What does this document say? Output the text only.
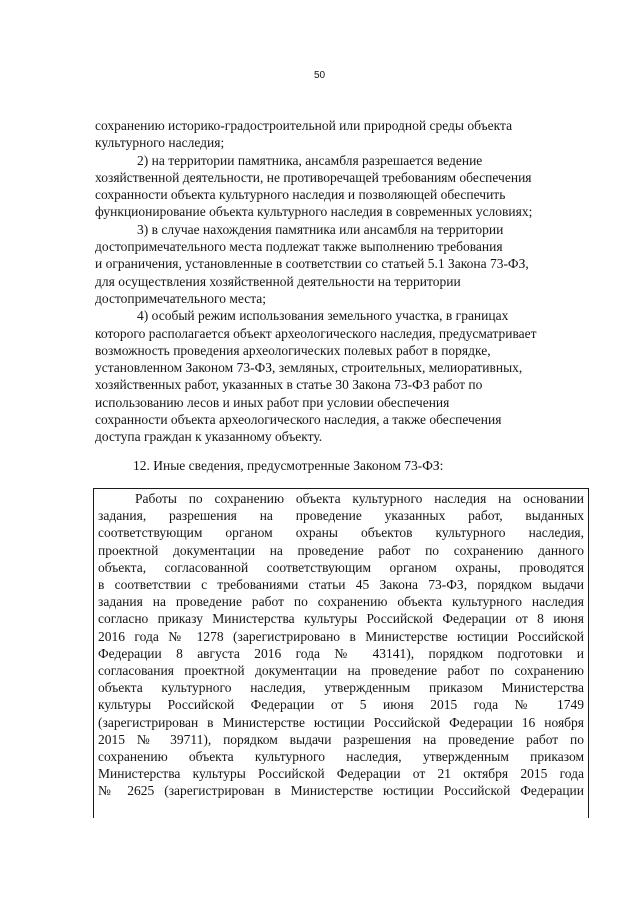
50

сохранению историко-градостроительной или природной среды объекта
культурного наследия;

2) на территории памятника, ансамбля разрешается ведение
хозяйственной деятельности, не противоречащей требованиям обеспечения
сохранности объекта культурного наследия и позволяющей обеспечить
функционирование объекта культурного наследия в современных условиях;

3) в случае нахождения памятника или ансамбля на территории
достопримечательного места подлежат также выполнению требования
и ограничения, установленные в соответствии со статьей 5.1 Закона 73-ФЗ,
для осуществления хозяйственной деятельности на территории
достопримечательного места;

4) особый режим использования земельного участка, в границах
которого располагается объект археологического наследия, предусматривает
возможность проведения археологических полевых работ в порядке,
установленном Законом 73-ФЗ, земляных, строительных, мелиоративных,
хозяйственных работ, указанных в статье 30 Закона 73-ФЗ работ по
использованию лесов и иных работ при условии обеспечения
сохранности объекта археологического наследия, а также обеспечения
доступа граждан к указанному объекту.

12. Иные сведения, предусмотренные Законом 73-ФЗ:

Работы по сохранению объекта культурного наследия на основании
задания, разрешения на проведение указанных работ, выданных
соответствующим органом охраны объектов культурного наследия,
проектной документации на проведение работ по сохранению данного
объекта, согласованной соответствующим органом охраны, проводятся
в соответствии с требованиями статьи 45 Закона 73-ФЗ, порядком выдачи
задания на проведение работ по сохранению объекта культурного наследия
согласно приказу Министерства культуры Российской Федерации от 8 июня
2016 года № 1278 (зарегистрировано в Министерстве юстиции Российской
Федерации 8 августа 2016 года № 43141), порядком подготовки и
согласования проектной документации на проведение работ по сохранению
объекта культурного наследия, утвержденным приказом Министерства
культуры Российской Федерации от 5 июня 2015 года № 1749
(зарегистрирован в Министерстве юстиции Российской Федерации 16 ноября
2015 № 39711), порядком выдачи разрешения на проведение работ по
сохранению объекта культурного наследия, утвержденным приказом
Министерства культуры Российской Федерации от 21 октября 2015 года
№ 2625 (зарегистрирован в Министерстве юстиции Российской Федерации
